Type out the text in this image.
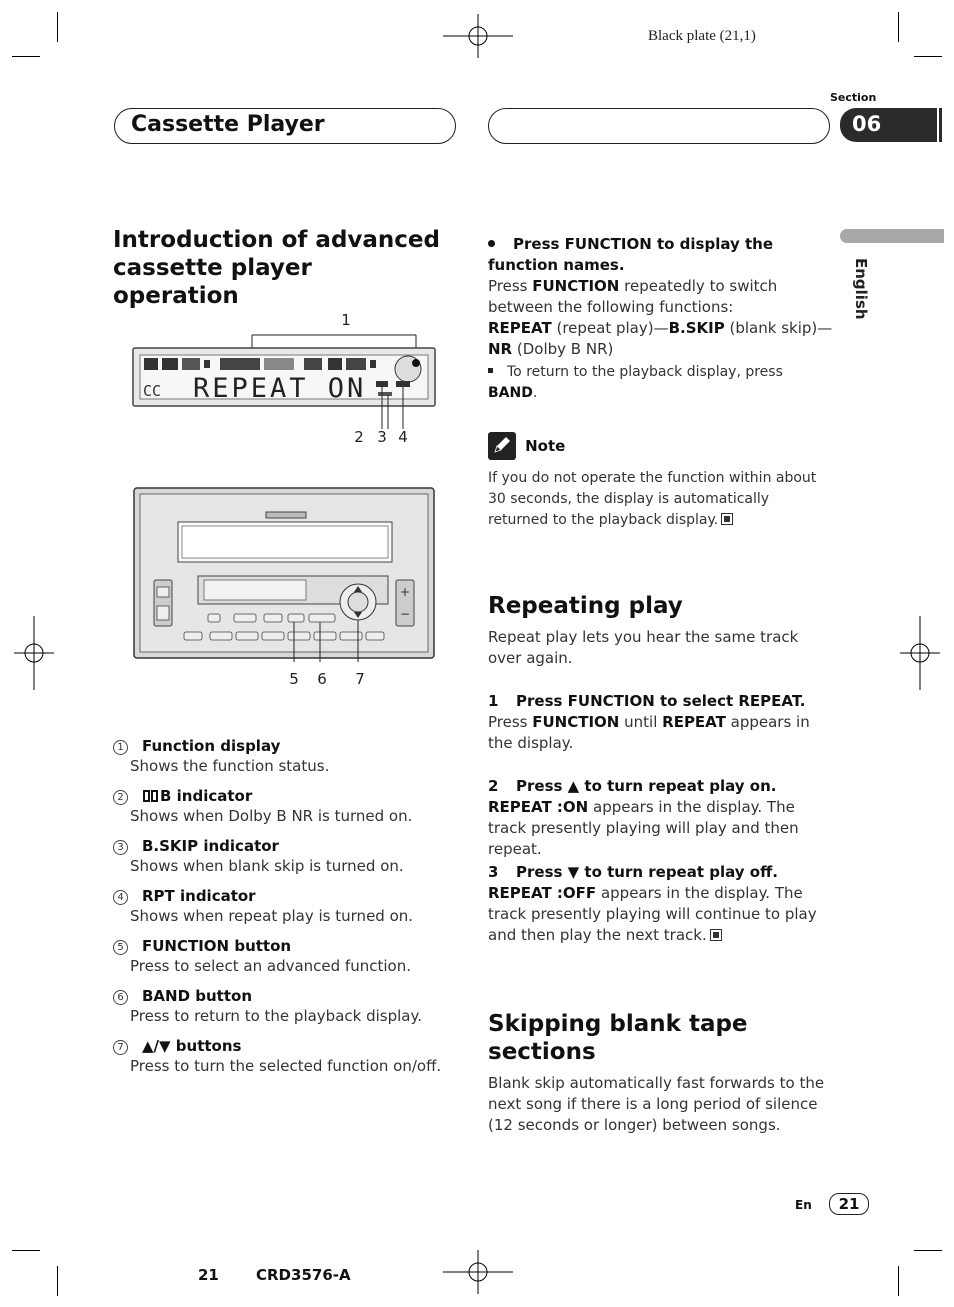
Black plate (21,1)
Section
Cassette Player	06
English
Introduction of advanced cassette player operation
1
CC REPEAT ON
2 3 4
+
−
5 6 7
1 Function display
Shows the function status.
2 B indicator
Shows when Dolby B NR is turned on.
3 B.SKIP indicator
Shows when blank skip is turned on.
4 RPT indicator
Shows when repeat play is turned on.
5 FUNCTION button
Press to select an advanced function.
6 BAND button
Press to return to the playback display.
7 ▲/▼ buttons
Press to turn the selected function on/off.
Press FUNCTION to display the function names.
Press FUNCTION repeatedly to switch between the following functions:
REPEAT (repeat play)—B.SKIP (blank skip)—NR (Dolby B NR)
To return to the playback display, press BAND.
Note
If you do not operate the function within about 30 seconds, the display is automatically returned to the playback display.
Repeating play
Repeat play lets you hear the same track over again.
1 Press FUNCTION to select REPEAT.
Press FUNCTION until REPEAT appears in the display.
2 Press ▲ to turn repeat play on.
REPEAT :ON appears in the display. The track presently playing will play and then repeat.
3 Press ▼ to turn repeat play off.
REPEAT :OFF appears in the display. The track presently playing will continue to play and then play the next track.
Skipping blank tape sections
Blank skip automatically fast forwards to the next song if there is a long period of silence (12 seconds or longer) between songs.
En	21
21 CRD3576-A
